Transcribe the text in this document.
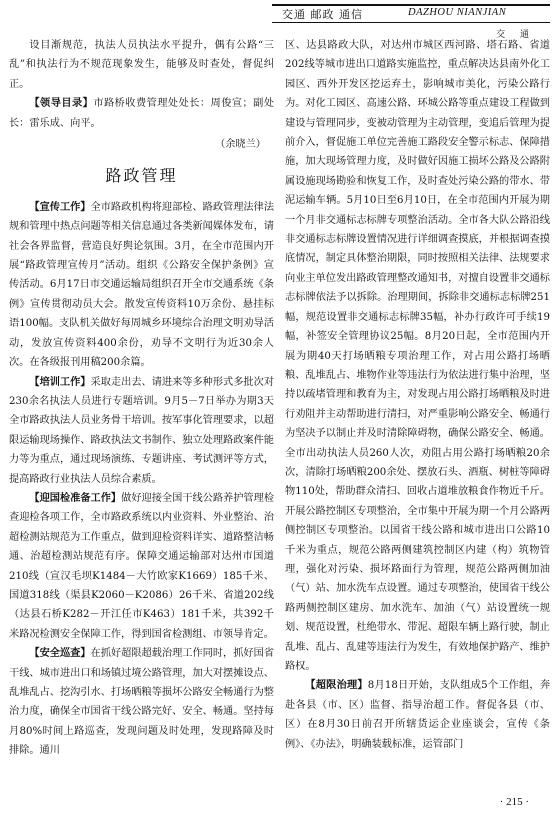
交通 邮政 通信	DAZHOU NIANJIAN
交 通

设目渐规范，执法人员执法水平提升，偶有公路“三乱”和执法行为不规范现象发生，能够及时查处，督促纠正。

【领导目录】市路桥收费管理处处长：周俊宣；副处长：雷乐成、向平。

（余晓兰）

路政管理

【宣传工作】全市路政机构将迎部检、路政管理法律法规和管理中热点问题等相关信息通过各类新闻媒体发布，请社会各界监督，营造良好舆论氛围。3月，在全市范围内开展“路政管理宣传月”活动。组织《公路安全保护条例》宣传活动。6月17日市交通运输局组织召开全市交通系统《条例》宣传贯彻动员大会。散发宣传资料10万余份、悬挂标语100幅。支队机关做好每周城乡环境综合治理文明劝导活动，发放宣传资料400余份，劝导不文明行为近30余人次。在各级报刊用稿200余篇。

【培训工作】采取走出去、请进来等多种形式多批次对230余名执法人员进行专题培训。9月5－7日举办为期3天全市路政执法人员业务骨干培训。按军事化管理要求，以超限运输现场操作、路政执法文书制作、独立处理路政案件能力等为重点，通过现场演练、专题讲座、考试测评等方式，提高路政行业执法人员综合素质。

【迎国检准备工作】做好迎接全国干线公路养护管理检查迎检各项工作，全市路政系统以内业资料、外业整治、治超检测站规范为工作重点，做到迎检资料详实、道路整洁畅通、治超检测站规范有序。保障交通运输部对达州市国道210线（宣汉毛坝K1484－大竹欧家K1669）185千米、国道318线（渠县K2060－K2086）26千米、省道202线（达县石桥K282－开江任市K463）181千米，共392千米路况检测安全保障工作，得到国省检测组、市领导肯定。

【安全巡查】在抓好超限超载治理工作同时，抓好国省干线、城市进出口和场镇过境公路管理，加大对摆摊设点、乱堆乱占、挖沟引水、打场晒粮等损坏公路安全畅通行为整治力度，确保全市国省干线公路完好、安全、畅通。坚持每月80%时间上路巡查，发现问题及时处理，发现路障及时排除。通川

区、达县路政大队，对达州市城区西河路、塔石路、省道202线等城市进出口道路实施监控，重点解决达县南外化工园区、西外开发区挖运弃土，影响城市美化，污染公路行为。对化工园区、高速公路、环城公路等重点建设工程做到建设与管理同步，变被动管理为主动管理，变追后管理为提前介入，督促施工单位完善施工路段安全警示标志、保障措施，加大现场管理力度，及时做好因施工损坏公路及公路附属设施现场勘验和恢复工作，及时查处污染公路的带水、带泥运输车辆。5月10日至6月10日，在全市范围内开展为期一个月非交通标志标牌专项整治活动。全市各大队公路沿线非交通标志标牌设置情况进行详细调查摸底，并根据调查摸底情况，制定具体整治期限，同时按照相关法律、法规要求向业主单位发出路政管理整改通知书，对擅自设置非交通标志标牌依法予以拆除。治理期间，拆除非交通标志标牌251幅，规范设置非交通标志标牌35幅，补办行政许可手续19幅，补签安全管理协议25幅。8月20日起，全市范围内开展为期40天打场晒粮专项治理工作，对占用公路打场晒粮、乱堆乱占、堆物作业等违法行为依法进行集中治理，坚持以疏堵管理和教育为主，对发现占用公路打场晒粮及时进行劝阻并主动帮助进行清扫，对严重影响公路安全、畅通行为坚决予以制止并及时清除障碍物，确保公路安全、畅通。全市出动执法人员260人次，劝阻占用公路打场晒粮20余次，清除打场晒粮200余处、摆放石头、酒瓶、树桩等障碍物110处，帮助群众清扫、回收占道堆放粮食作物近千斤。开展公路控制区专项整治，全市集中开展为期一个月公路两侧控制区专项整治。以国省干线公路和城市进出口公路10千米为重点，规范公路两侧建筑控制区内建（构）筑物管理，强化对污染、损坏路面行为管理，规范公路两侧加油（气）站、加水洗车点设置。通过专项整治，使国省干线公路两侧控制区建房、加水洗车、加油（气）站设置统一规划、规范设置，杜绝带水、带泥、超限车辆上路行驶，制止乱堆、乱占、乱建等违法行为发生，有效地保护路产、维护路权。

【超限治理】8月18日开始，支队组成5个工作组，奔赴各县（市、区）监督、指导治超工作。督促各县（市、区）在8月30日前召开所辖货运企业座谈会，宣传《条例》、《办法》，明确装载标准，运管部门

· 215 ·
